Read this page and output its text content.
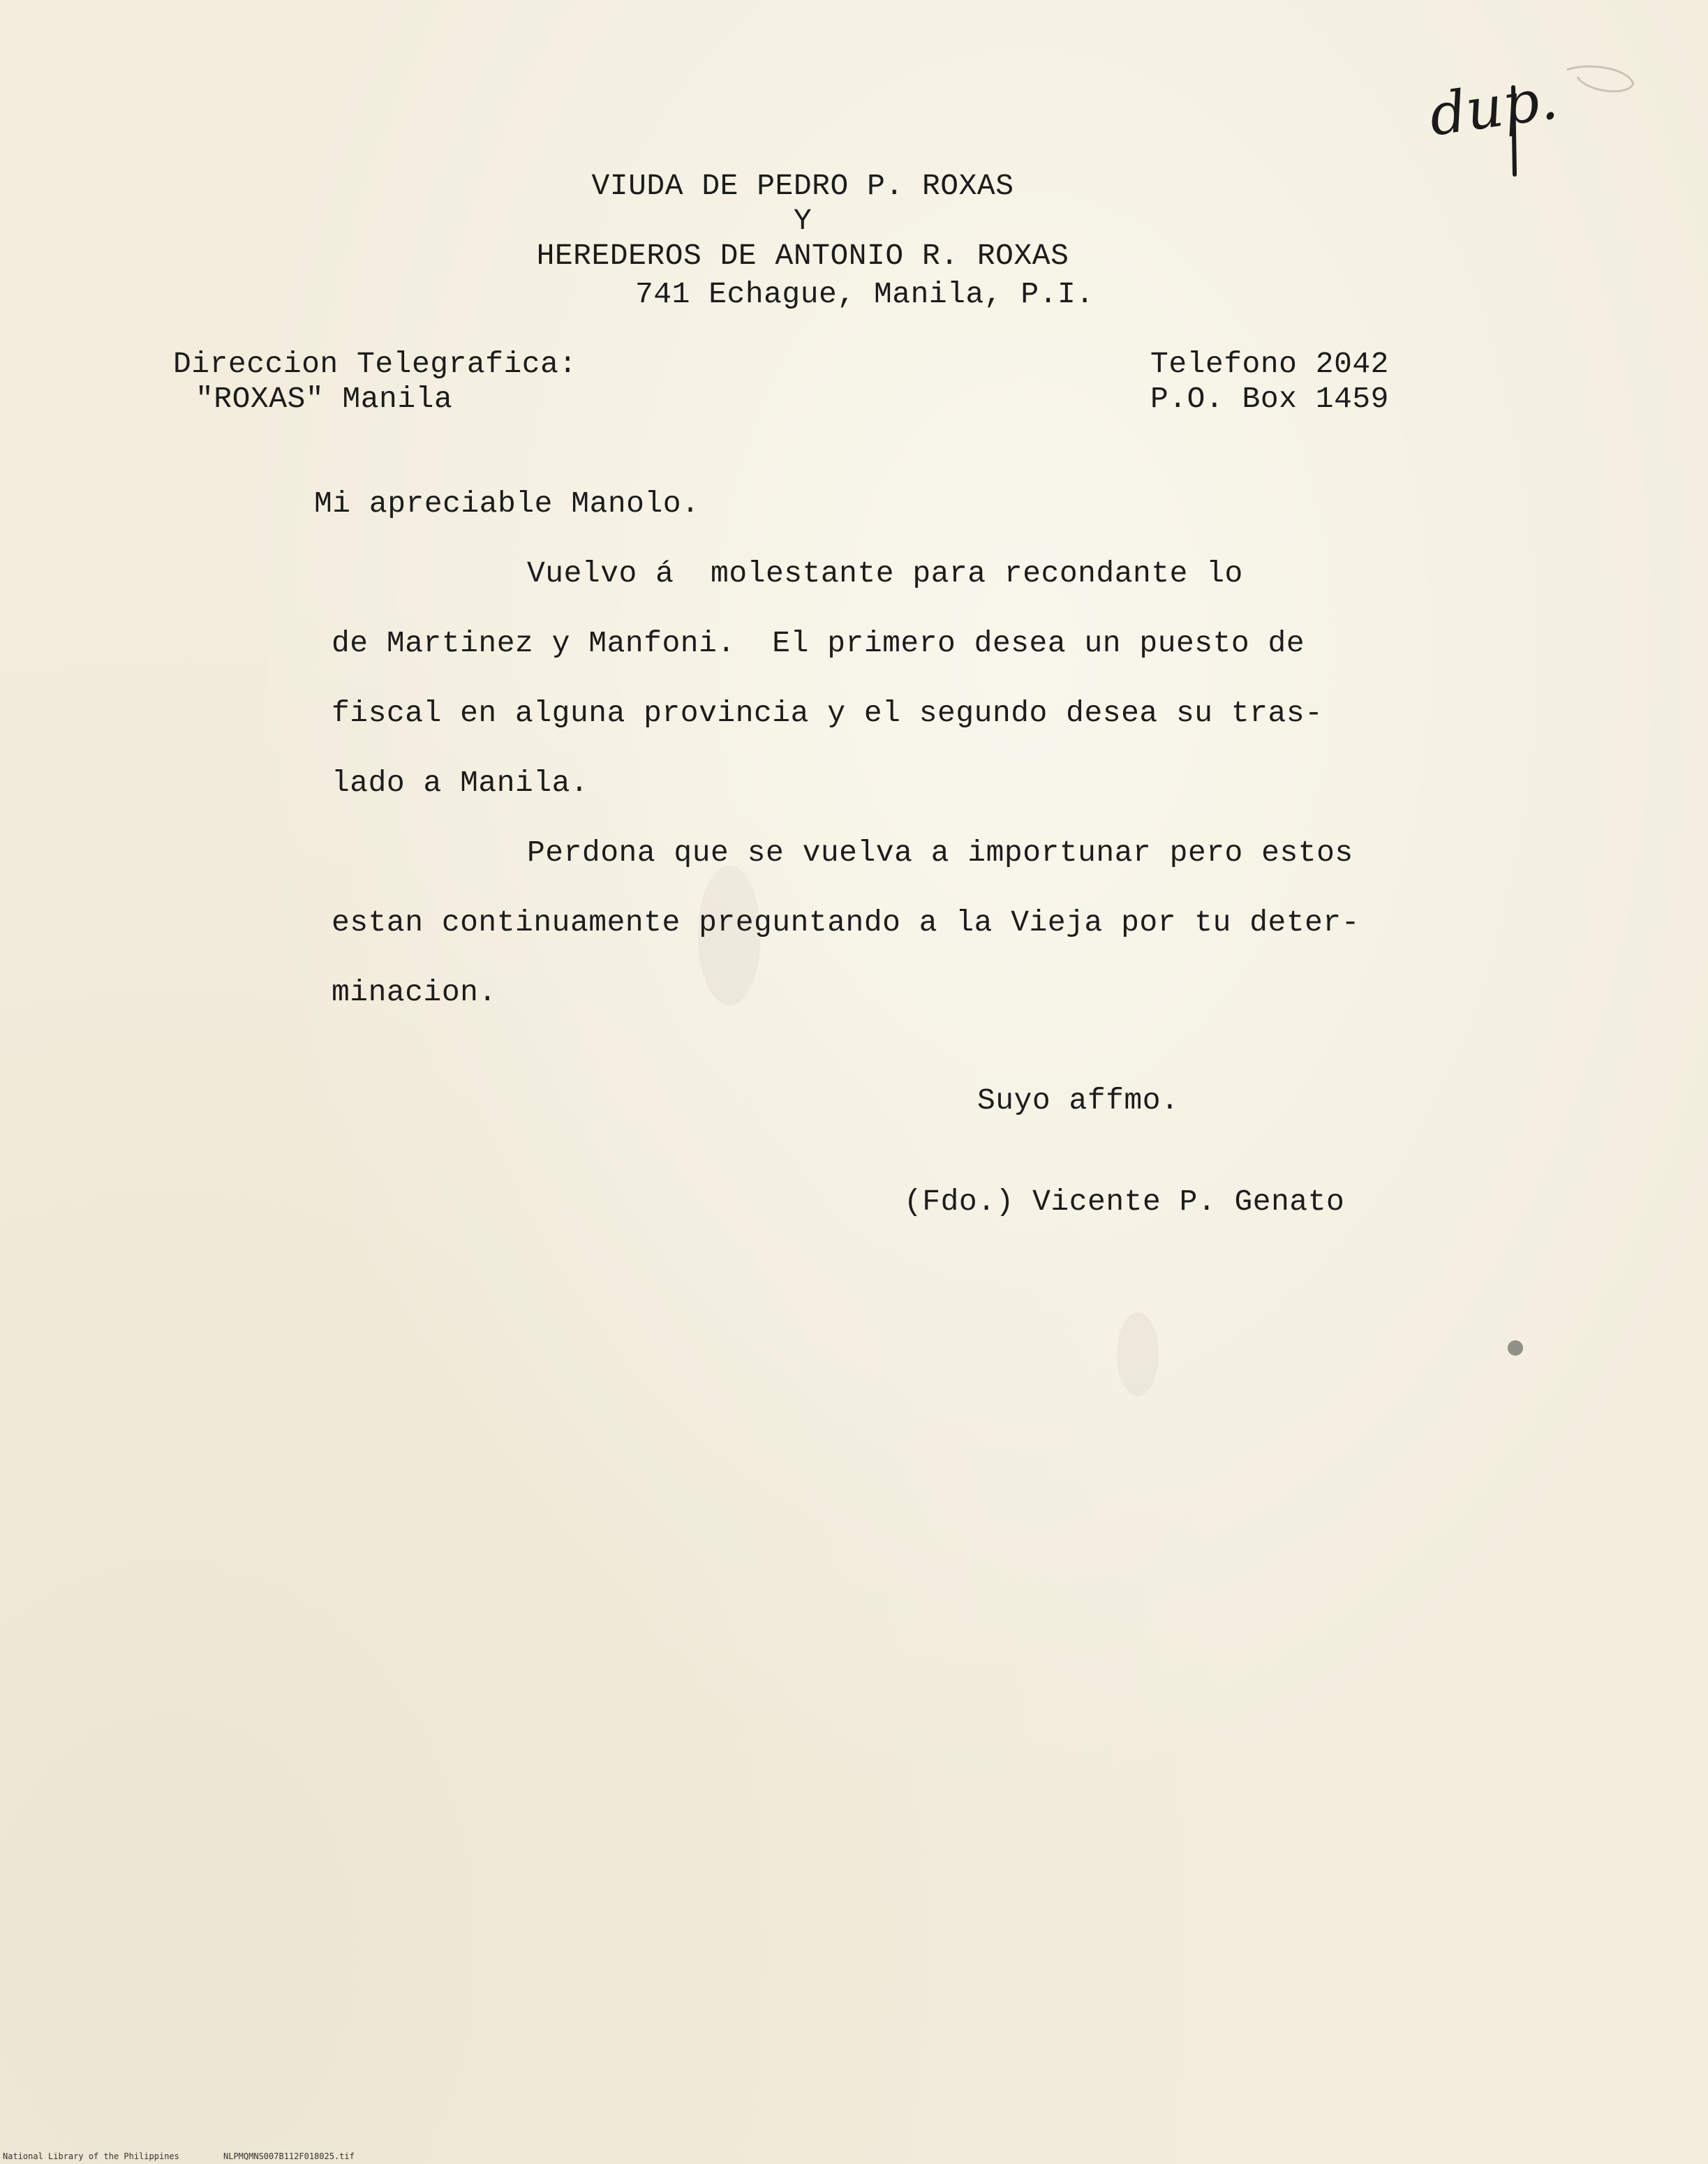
VIUDA DE PEDRO P. ROXAS
Y
HEREDEROS DE ANTONIO R. ROXAS
741 Echague, Manila, P.I.
Direccion Telegrafica:
"ROXAS" Manila
Telefono 2042
P.O. Box 1459
Mi apreciable Manolo.
Vuelvo á  molestante para recondante lo
de Martinez y Manfoni.  El primero desea un puesto de
fiscal en alguna provincia y el segundo desea su tras-
lado a Manila.
Perdona que se vuelva a importunar pero estos
estan continuamente preguntando a la Vieja por tu deter-
minacion.
Suyo affmo.
(Fdo.) Vicente P. Genato
dup.
National Library of the Philippines	NLPMQMNS007B112F018025.tif
